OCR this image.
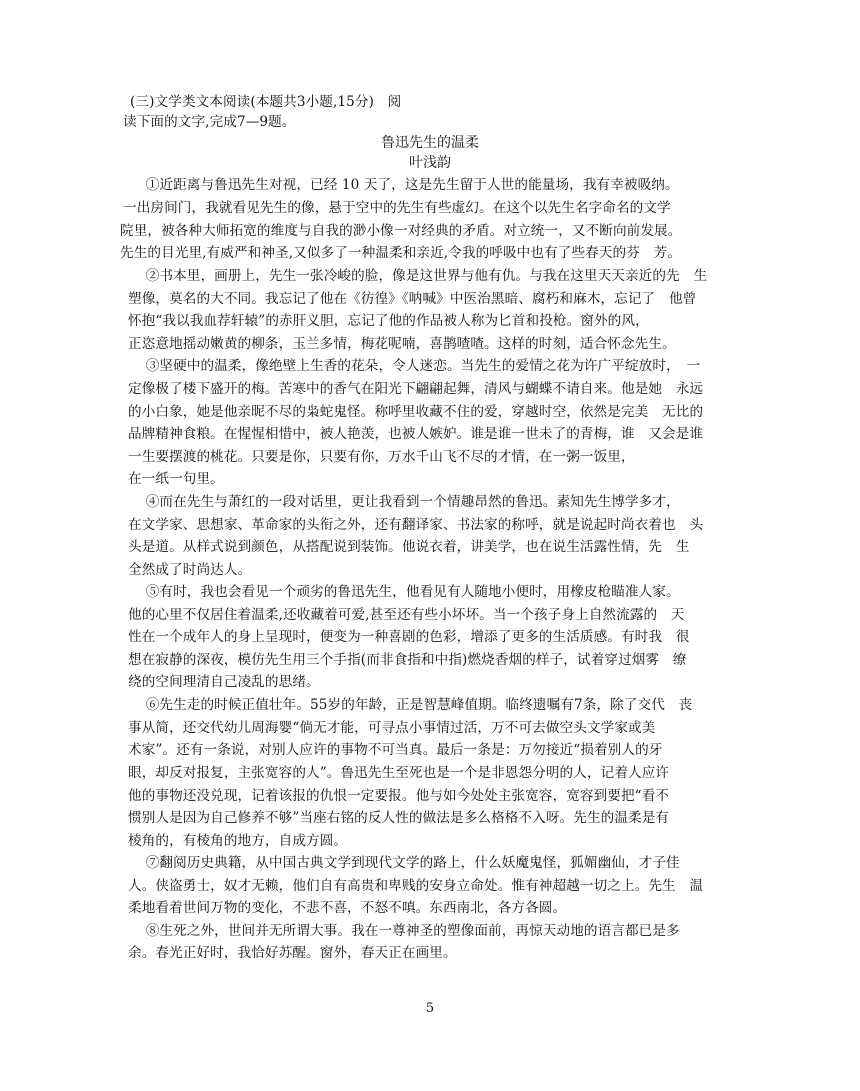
(三)文学类文本阅读(本题共3小题,15分)　阅
读下面的文字,完成7—9题。
鲁迅先生的温柔
叶浅韵
　①近距离与鲁迅先生对视，已经 10 天了，这是先生留于人世的能量场，我有幸被吸纳。
一出房间门，我就看见先生的像，悬于空中的先生有些虚幻。在这个以先生名字命名的文学
院里，被各种大师拓宽的维度与自我的渺小像一对经典的矛盾。对立统一，又不断向前发展。
先生的目光里,有威严和神圣,又似多了一种温柔和亲近,令我的呼吸中也有了些春天的芬　芳。
　②书本里，画册上，先生一张冷峻的脸，像是这世界与他有仇。与我在这里天天亲近的先　生
塑像，莫名的大不同。我忘记了他在《彷徨》《呐喊》中医治黑暗、腐朽和麻木，忘记了　他曾
怀抱“我以我血荐轩辕”的赤肝义胆，忘记了他的作品被人称为匕首和投枪。窗外的风，
正恣意地摇动嫩黄的柳条，玉兰多情，梅花呢喃，喜鹊喳喳。这样的时刻，适合怀念先生。
　③坚硬中的温柔，像绝壁上生香的花朵，令人迷恋。当先生的爱情之花为许广平绽放时，　一
定像极了楼下盛开的梅。苦寒中的香气在阳光下翩翩起舞，清风与蝴蝶不请自来。他是她　永远
的小白象，她是他亲昵不尽的枭蛇鬼怪。称呼里收藏不住的爱，穿越时空，依然是完美　无比的
品牌精神食粮。在惺惺相惜中，被人艳羡，也被人嫉妒。谁是谁一世未了的青梅，谁　又会是谁
一生要摆渡的桃花。只要是你，只要有你，万水千山飞不尽的才情，在一粥一饭里，
在一纸一句里。
　④而在先生与萧红的一段对话里，更让我看到一个情趣昂然的鲁迅。素知先生博学多才，
在文学家、思想家、革命家的头衔之外，还有翻译家、书法家的称呼，就是说起时尚衣着也　头
头是道。从样式说到颜色，从搭配说到装饰。他说衣着，讲美学，也在说生活露性情，先　生
全然成了时尚达人。
　⑤有时，我也会看见一个顽劣的鲁迅先生，他看见有人随地小便时，用橡皮枪瞄准人家。
他的心里不仅居住着温柔,还收藏着可爱,甚至还有些小坏坏。当一个孩子身上自然流露的　天
性在一个成年人的身上呈现时，便变为一种喜剧的色彩，增添了更多的生活质感。有时我　很
想在寂静的深夜，模仿先生用三个手指(而非食指和中指)燃烧香烟的样子，试着穿过烟雾　缭
绕的空间理清自己凌乱的思绪。
　⑥先生走的时候正值壮年。55岁的年龄，正是智慧峰值期。临终遗嘱有7条，除了交代　丧
事从简，还交代幼儿周海婴“倘无才能，可寻点小事情过活，万不可去做空头文学家或美
术家”。还有一条说，对别人应许的事物不可当真。最后一条是：万勿接近“损着别人的牙
眼，却反对报复，主张宽容的人”。鲁迅先生至死也是一个是非恩怨分明的人，记着人应许
他的事物还没兑现，记着该报的仇恨一定要报。他与如今处处主张宽容，宽容到要把“看不
惯别人是因为自己修养不够”当座右铭的反人性的做法是多么格格不入呀。先生的温柔是有
棱角的，有棱角的地方，自成方圆。
　⑦翻阅历史典籍，从中国古典文学到现代文学的路上，什么妖魔鬼怪，狐媚幽仙，才子佳
人。侠盗勇士，奴才无赖，他们自有高贵和卑贱的安身立命处。惟有神超越一切之上。先生　温
柔地看着世间万物的变化，不悲不喜，不怒不嗔。东西南北，各方各圆。
　⑧生死之外，世间并无所谓大事。我在一尊神圣的塑像面前，再惊天动地的语言都已是多
余。春光正好时，我恰好苏醒。窗外，春天正在画里。
5
